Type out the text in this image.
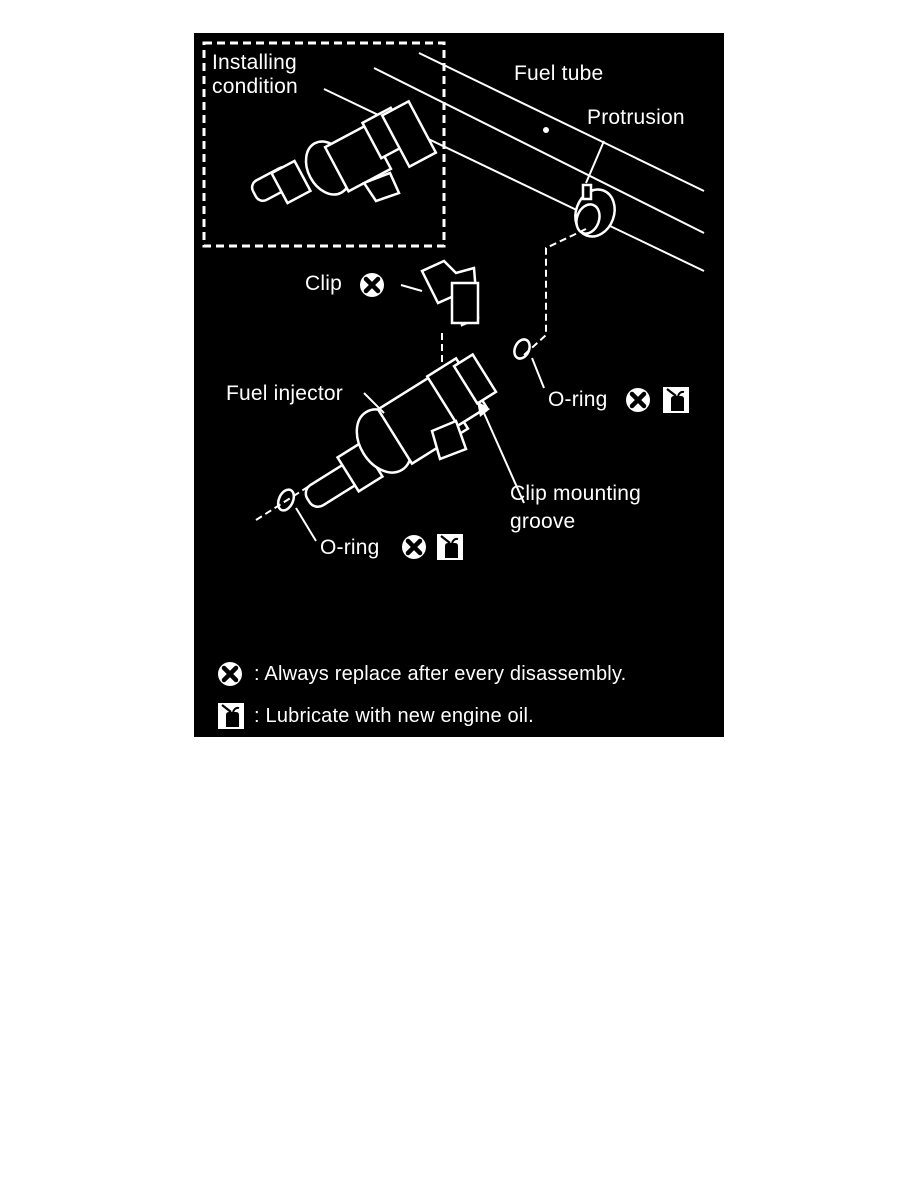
Installing
condition
Fuel tube
Protrusion
Clip
Fuel injector	O-ring
Clip mounting
groove
O-ring
: Always replace after every disassembly.
: Lubricate with new engine oil.
